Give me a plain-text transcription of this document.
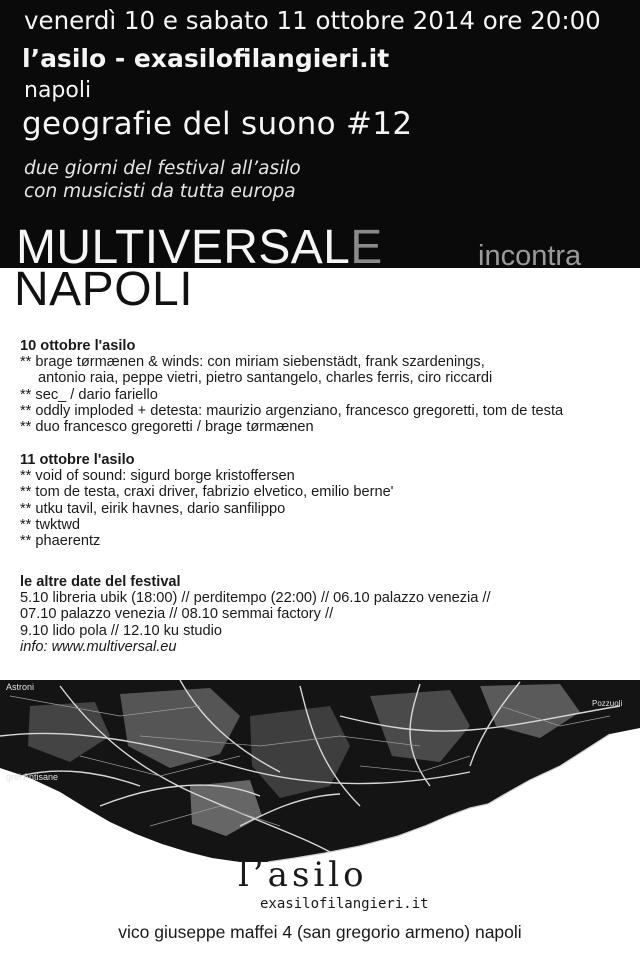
venerdì 10 e sabato 11 ottobre 2014 ore 20:00
l’asilo - exasilofilangieri.it
napoli
geografie del suono #12
due giorni del festival all’asilo
con musicisti da tutta europa
MULTIVERSALE	incontra
NAPOLI
10 ottobre l'asilo
** brage tørmænen & winds: con miriam siebenstädt, frank szardenings,
antonio raia, peppe vietri, pietro santangelo, charles ferris, ciro riccardi
** sec_ / dario fariello
** oddly imploded + detesta: maurizio argenziano, francesco gregoretti, tom de testa
** duo francesco gregoretti / brage tørmænen
11 ottobre l'asilo
** void of sound: sigurd borge kristoffersen
** tom de testa, craxi driver, fabrizio elvetico, emilio berne'
** utku tavil, eirik havnes, dario sanfilippo
** twktwd
** phaerentz
le altre date del festival
5.10 libreria ubik (18:00) // perditempo (22:00) // 06.10 palazzo venezia //
07.10 palazzo venezia // 08.10 semmai factory //
9.10 lido pola // 12.10 ku studio
info: www.multiversal.eu
Astroni
grei Antisane
Pozzuoli
l’asilo
exasilofilangieri.it
vico giuseppe maffei 4 (san gregorio armeno) napoli
